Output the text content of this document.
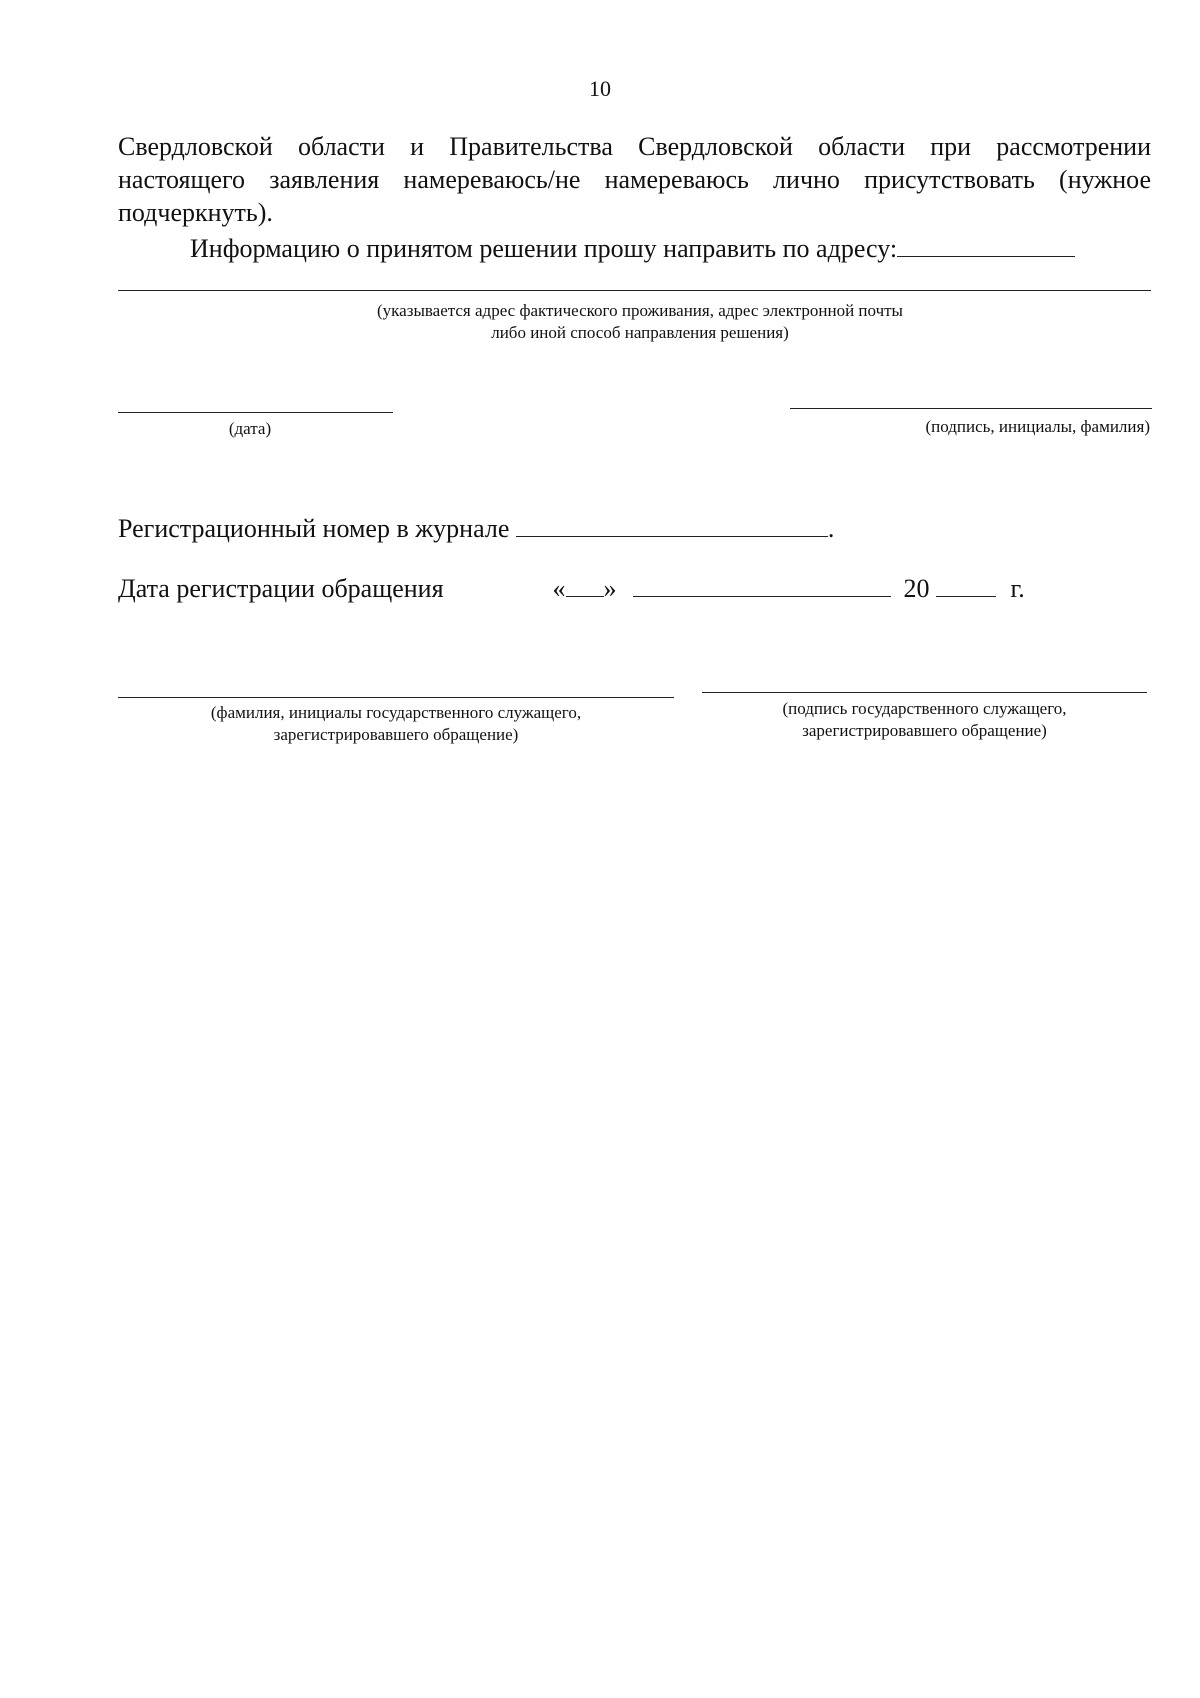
10
Свердловской области и Правительства Свердловской области при рассмотрении
настоящего заявления намереваюсь/не намереваюсь лично присутствовать (нужное
подчеркнуть).
Информацию о принятом решении прошу направить по адресу:
(указывается адрес фактического проживания, адрес электронной почты
либо иной способ направления решения)
(дата)	(подпись, инициалы, фамилия)
Регистрационный номер в журнале	.
Дата регистрации обращения	« »	20	г.
(фамилия, инициалы государственного служащего,
зарегистрировавшего обращение)
(подпись государственного служащего,
зарегистрировавшего обращение)
